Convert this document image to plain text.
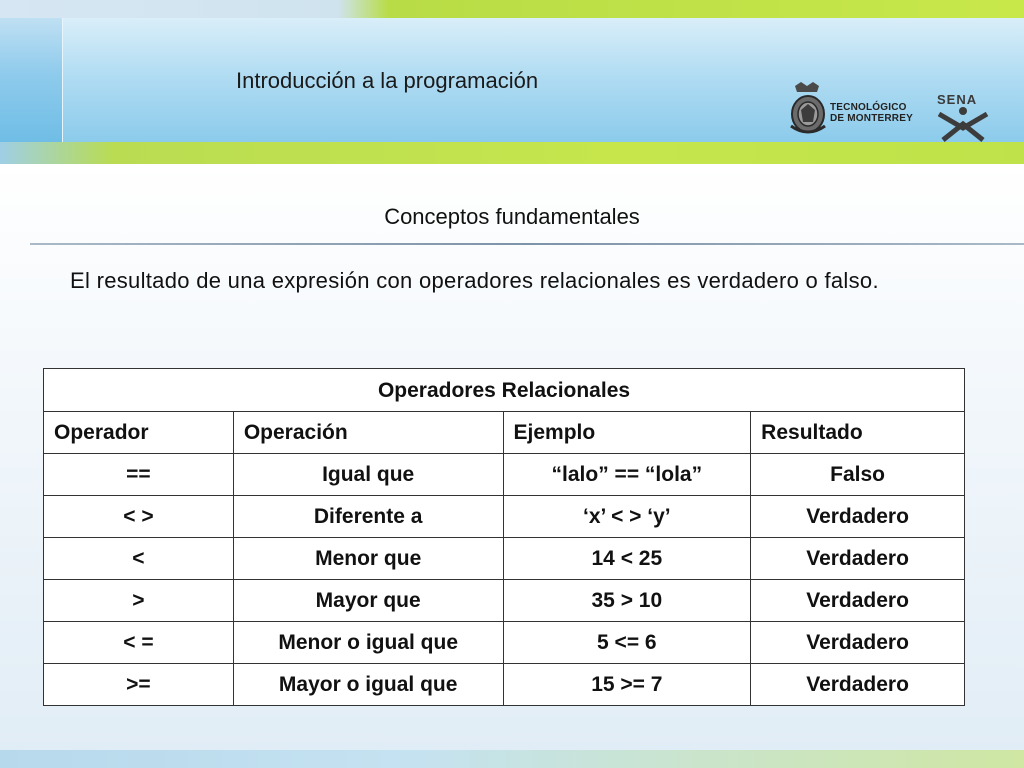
Introducción a la programación
TECNOLÓGICO
DE MONTERREY
SENA
Conceptos fundamentales
El resultado de una expresión con operadores relacionales es verdadero o falso.
Operadores Relacionales			
Operador	Operación	Ejemplo	Resultado
==	Igual que	“lalo” == “lola”	Falso
< >	Diferente a	‘x’ < > ‘y’	Verdadero
<	Menor que	14 < 25	Verdadero
>	Mayor que	35 > 10	Verdadero
< =	Menor o igual que	5 <= 6	Verdadero
>=	Mayor o igual que	15 >= 7	Verdadero
